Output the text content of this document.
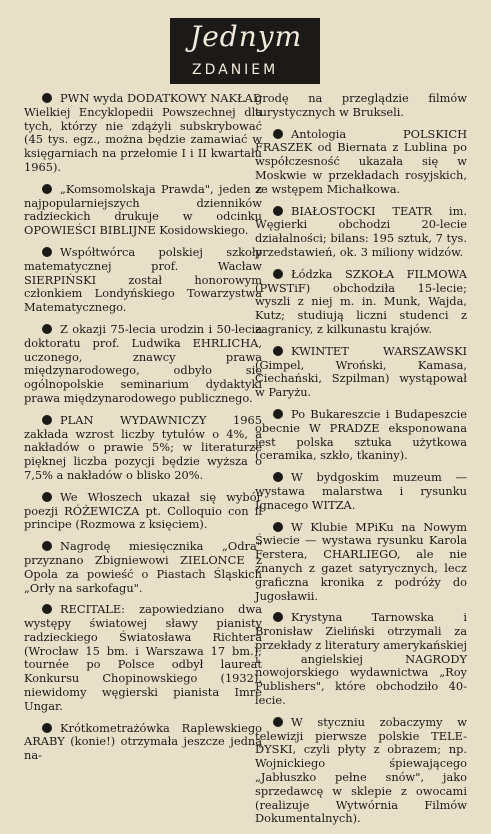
Jednym
ZDANIEM

PWN wyda DODATKOWY NAKŁAD Wielkiej Encyklopedii Powszechnej dla tych, którzy nie zdążyli subskrybować (45 tys. egz., można będzie zamawiać w księgarniach na przełomie I i II kwartału 1965).

„Komsomolskaja Prawda", jeden z najpopularniejszych dzienników radzieckich drukuje w odcinku OPOWIEŚCI BIBLIJNE Kosidowskiego.

Współtwórca polskiej szkoły matematycznej prof. Wacław SIERPIŃSKI został honorowym członkiem Londyńskiego Towarzystwa Matematycznego.

Z okazji 75-lecia urodzin i 50-lecia doktoratu prof. Ludwika EHRLICHA, uczonego, znawcy prawa międzynarodowego, odbyło się ogólnopolskie seminarium dydaktyki prawa międzynarodowego publicznego.

PLAN WYDAWNICZY 1965 zakłada wzrost liczby tytułów o 4%, a nakładów o prawie 5%; w literaturze pięknej liczba pozycji będzie wyższa o 7,5% a nakładów o blisko 20%.

We Włoszech ukazał się wybór poezji RÓŻEWICZA pt. Colloquio con il principe (Rozmowa z księciem).

Nagrodę miesięcznika „Odra" przyznano Zbigniewowi ZIELONCE z Opola za powieść o Piastach Śląskich „Orły na sarkofagu".

RECITALE: zapowiedziano dwa występy światowej sławy pianisty radzieckiego Światosława Richtera (Wrocław 15 bm. i Warszawa 17 bm.); tournée po Polsce odbył laureat Konkursu Chopinowskiego (1932), niewidomy węgierski pianista Imre Ungar.

Krótkometrażówka Raplewskiego ARABY (konie!) otrzymała jeszcze jedną na-

grodę na przeglądzie filmów turystycznych w Brukseli.

Antologia POLSKICH FRASZEK od Biernata z Lublina po współczesność ukazała się w Moskwie w przekładach rosyjskich, ze wstępem Michałkowa.

BIAŁOSTOCKI TEATR im. Węgierki obchodzi 20-lecie działalności; bilans: 195 sztuk, 7 tys. przedstawień, ok. 3 miliony widzów.

Łódzka SZKOŁA FILMOWA (PWSTiF) obchodziła 15-lecie; wyszli z niej m. in. Munk, Wajda, Kutz; studiują liczni studenci z zagranicy, z kilkunastu krajów.

KWINTET WARSZAWSKI (Gimpel, Wroński, Kamasa, Ciechański, Szpilman) wystąpował w Paryżu.

Po Bukareszcie i Budapeszcie obecnie W PRADZE eksponowana jest polska sztuka użytkowa (ceramika, szkło, tkaniny).

W bydgoskim muzeum — wystawa malarstwa i rysunku Ignacego WITZA.

W Klubie MPiKu na Nowym Świecie — wystawa rysunku Karola Ferstera, CHARLIEGO, ale nie znanych z gazet satyrycznych, lecz graficzna kronika z podróży do Jugosławii.

Krystyna Tarnowska i Bronisław Zieliński otrzymali za przekłady z literatury amerykańskiej i angielskiej NAGRODY nowojorskiego wydawnictwa „Roy Publishers", które obchodziło 40-lecie.

W styczniu zobaczymy w telewizji pierwsze polskie TELE-DYSKI, czyli płyty z obrazem; np. Wojnickiego śpiewającego „Jabłuszko pełne snów", jako sprzedawcę w sklepie z owocami (realizuje Wytwórnia Filmów Dokumentalnych).
